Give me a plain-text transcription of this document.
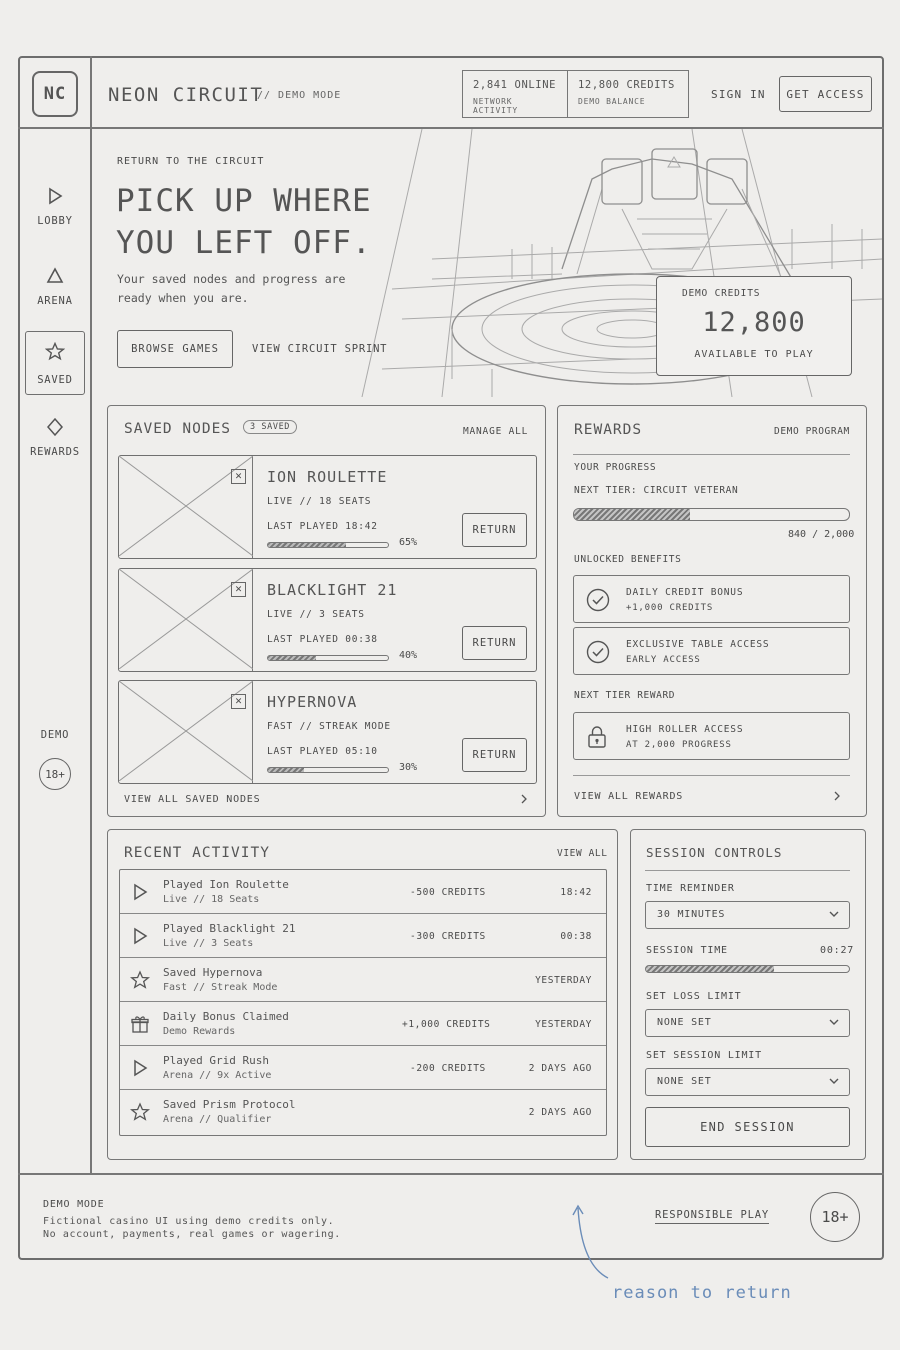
NC	NEON CIRCUIT
// DEMO MODE
2,841 ONLINE
NETWORK ACTIVITY
12,800 CREDITS
DEMO BALANCE
SIGN IN	GET ACCESS
LOBBY
ARENA
SAVED
REWARDS
DEMO
18+
RETURN TO THE CIRCUIT
PICK UP WHERE YOU LEFT OFF.
Your saved nodes and progress are ready when you are.
BROWSE GAMES	VIEW CIRCUIT SPRINT
DEMO CREDITS
12,800
AVAILABLE TO PLAY
SAVED NODES	3 SAVED	MANAGE ALL
✕ ION ROULETTE
LIVE // 18 SEATS
LAST PLAYED 18:42
65%
RETURN
✕ BLACKLIGHT 21
LIVE // 3 SEATS
LAST PLAYED 00:38
40%
RETURN
✕ HYPERNOVA
FAST // STREAK MODE
LAST PLAYED 05:10
30%
RETURN
VIEW ALL SAVED NODES
REWARDS	DEMO PROGRAM
YOUR PROGRESS
NEXT TIER: CIRCUIT VETERAN
840 / 2,000
UNLOCKED BENEFITS
DAILY CREDIT BONUS
+1,000 CREDITS
EXCLUSIVE TABLE ACCESS
EARLY ACCESS
NEXT TIER REWARD
HIGH ROLLER ACCESS
AT 2,000 PROGRESS
VIEW ALL REWARDS
RECENT ACTIVITY	VIEW ALL
Played Ion Roulette
Live // 18 Seats
-500 CREDITS	18:42
Played Blacklight 21
Live // 3 Seats
-300 CREDITS	00:38
Saved Hypernova
Fast // Streak Mode
YESTERDAY
Daily Bonus Claimed
Demo Rewards
+1,000 CREDITS	YESTERDAY
Played Grid Rush
Arena // 9x Active
-200 CREDITS	2 DAYS AGO
Saved Prism Protocol
Arena // Qualifier
2 DAYS AGO
SESSION CONTROLS
TIME REMINDER
30 MINUTES
SESSION TIME	00:27
SET LOSS LIMIT
NONE SET
SET SESSION LIMIT
NONE SET
END SESSION
DEMO MODE
Fictional casino UI using demo credits only.
No account, payments, real games or wagering.
RESPONSIBLE PLAY	18+
reason to return
